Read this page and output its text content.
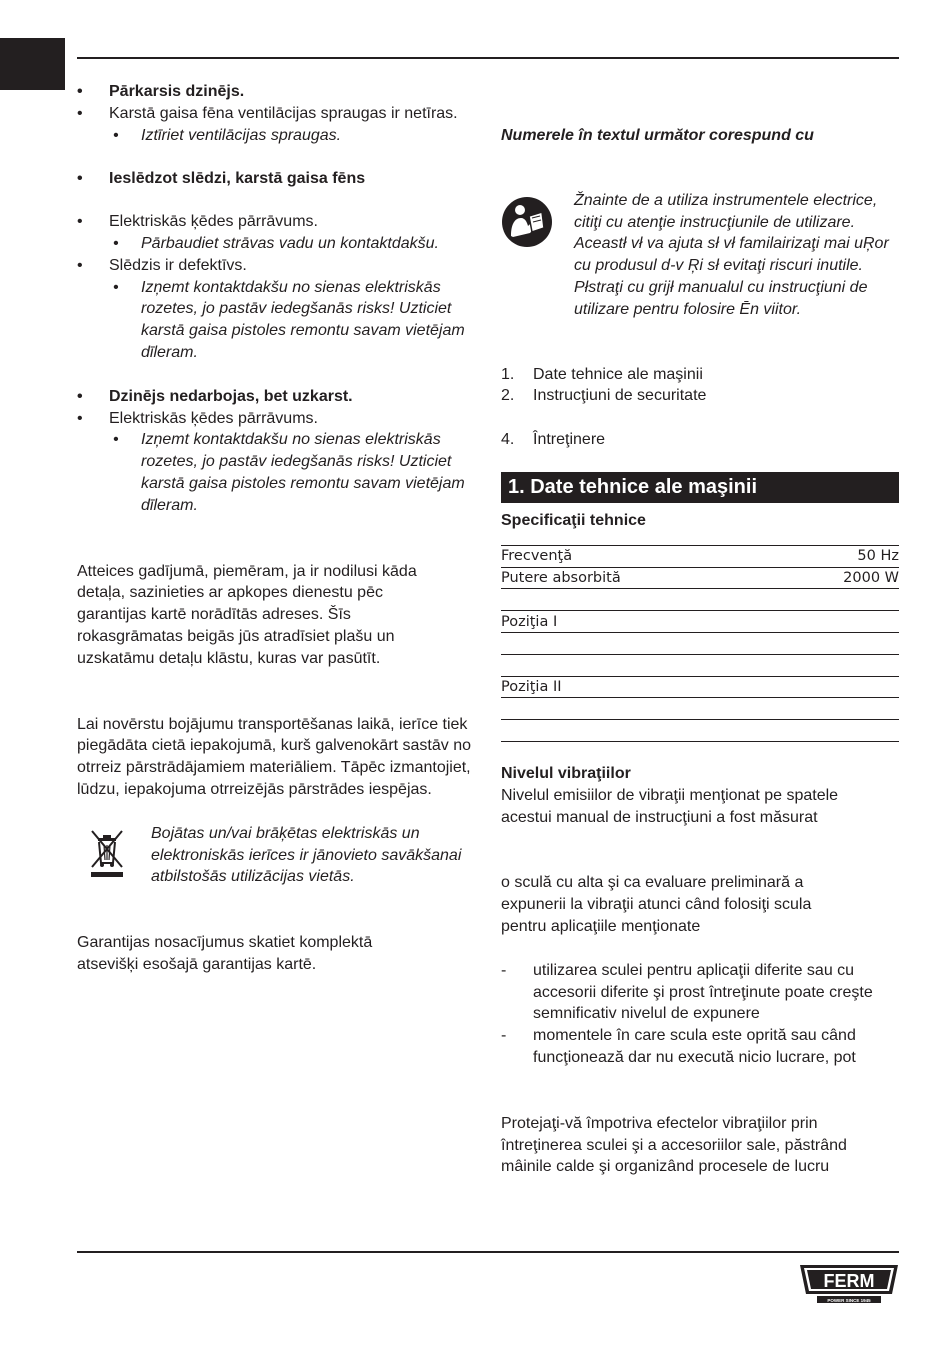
• Pārkarsis dzinējs.
• Karstā gaisa fēna ventilācijas spraugas ir netīras.
• Iztīriet ventilācijas spraugas.
• Ieslēdzot slēdzi, karstā gaisa fēns
• Elektriskās ķēdes pārrāvums.
• Pārbaudiet strāvas vadu un kontaktdakšu.
• Slēdzis ir defektīvs.
• Izņemt kontaktdakšu no sienas elektriskās rozetes, jo pastāv iedegšanās risks! Uzticiet karstā gaisa pistoles remontu savam vietējam dīleram.
• Dzinējs nedarbojas, bet uzkarst.
• Elektriskās ķēdes pārrāvums.
• Izņemt kontaktdakšu no sienas elektriskās rozetes, jo pastāv iedegšanās risks! Uzticiet karstā gaisa pistoles remontu savam vietējam dīleram.
Atteices gadījumā, piemēram, ja ir nodilusi kāda detaļa, sazinieties ar apkopes dienestu pēc garantijas kartē norādītās adreses. Šīs rokasgrāmatas beigās jūs atradīsiet plašu un uzskatāmu detaļu klāstu, kuras var pasūtīt.
Lai novērstu bojājumu transportēšanas laikā, ierīce tiek piegādāta cietā iepakojumā, kurš galvenokārt sastāv no otrreiz pārstrādājamiem materiāliem. Tāpēc izmantojiet, lūdzu, iepakojuma otrreizējās pārstrādes iespējas.
Bojātas un/vai brāķētas elektriskās un elektroniskās ierīces ir jānovieto savākšanai atbilstošās utilizācijas vietās.
Garantijas nosacījumus skatiet komplektā atsevišķi esošajā garantijas kartē.
Numerele în textul următor corespund cu
Žnainte de a utiliza instrumentele electrice, citiţi cu atenţie instrucţiunile de utilizare. Aceastł vł va ajuta sł vł familairizaţi mai uŖor cu produsul d-v Ŗi sł evitaţi riscuri inutile. Płstraţi cu grijł manualul cu instrucţiuni de utilizare pentru folosire Ēn viitor.
1. Date tehnice ale maşinii
2. Instrucţiuni de securitate
4. Întreţinere
1. Date tehnice ale maşinii
Specificaţii tehnice
Frecvenţă	50 Hz
Putere absorbită	2000 W

Poziţia I	

Poziţia II	

Nivelul vibraţiilor
Nivelul emisiilor de vibraţii menţionat pe spatele acestui manual de instrucţiuni a fost măsurat
o sculă cu alta şi ca evaluare preliminară a expunerii la vibraţii atunci când folosiţi scula pentru aplicaţiile menţionate
- utilizarea sculei pentru aplicaţii diferite sau cu accesorii diferite şi prost întreţinute poate creşte semnificativ nivelul de expunere
- momentele în care scula este oprită sau când funcţionează dar nu execută nicio lucrare, pot
Protejaţi-vă împotriva efectelor vibraţiilor prin întreţinerea sculei şi a accesoriilor sale, păstrând mâinile calde şi organizând procesele de lucru
FERM
POWER SINCE 1945
